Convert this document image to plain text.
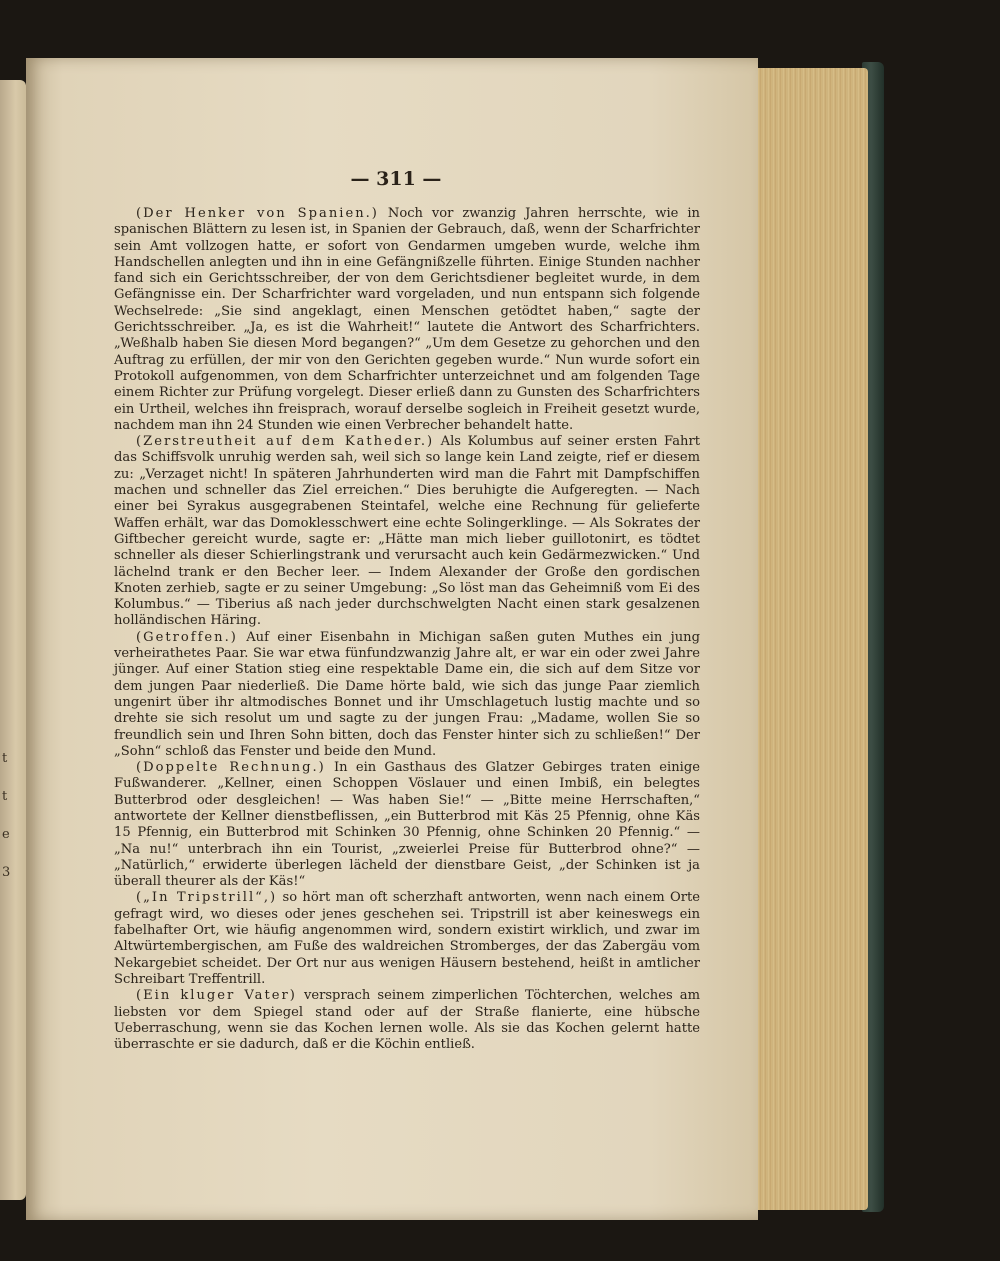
t
t
e
3
— 311 —

(Der Henker von Spanien.) Noch vor zwanzig Jahren herrschte, wie in spanischen Blättern zu lesen ist, in Spanien der Gebrauch, daß, wenn der Scharfrichter sein Amt vollzogen hatte, er sofort von Gendarmen umgeben wurde, welche ihm Handschellen anlegten und ihn in eine Gefängnißzelle führten. Einige Stunden nachher fand sich ein Gerichtsschreiber, der von dem Gerichtsdiener begleitet wurde, in dem Gefängnisse ein. Der Scharfrichter ward vorgeladen, und nun entspann sich folgende Wechselrede: „Sie sind angeklagt, einen Menschen getödtet haben,“ sagte der Gerichtsschreiber. „Ja, es ist die Wahrheit!“ lautete die Antwort des Scharfrichters. „Weßhalb haben Sie diesen Mord begangen?“ „Um dem Gesetze zu gehorchen und den Auftrag zu erfüllen, der mir von den Gerichten gegeben wurde.“ Nun wurde sofort ein Protokoll aufgenommen, von dem Scharfrichter unterzeichnet und am folgenden Tage einem Richter zur Prüfung vorgelegt. Dieser erließ dann zu Gunsten des Scharfrichters ein Urtheil, welches ihn freisprach, worauf derselbe sogleich in Freiheit gesetzt wurde, nachdem man ihn 24 Stunden wie einen Verbrecher behandelt hatte.

(Zerstreutheit auf dem Katheder.) Als Kolumbus auf seiner ersten Fahrt das Schiffsvolk unruhig werden sah, weil sich so lange kein Land zeigte, rief er diesem zu: „Verzaget nicht! In späteren Jahrhunderten wird man die Fahrt mit Dampfschiffen machen und schneller das Ziel erreichen.“ Dies beruhigte die Aufgeregten. — Nach einer bei Syrakus ausgegrabenen Steintafel, welche eine Rechnung für gelieferte Waffen erhält, war das Domoklesschwert eine echte Solingerklinge. — Als Sokrates der Giftbecher gereicht wurde, sagte er: „Hätte man mich lieber guillotonirt, es tödtet schneller als dieser Schierlingstrank und verursacht auch kein Gedärmezwicken.“ Und lächelnd trank er den Becher leer. — Indem Alexander der Große den gordischen Knoten zerhieb, sagte er zu seiner Umgebung: „So löst man das Geheimniß vom Ei des Kolumbus.“ — Tiberius aß nach jeder durchschwelgten Nacht einen stark gesalzenen holländischen Häring.

(Getroffen.) Auf einer Eisenbahn in Michigan saßen guten Muthes ein jung verheirathetes Paar. Sie war etwa fünfundzwanzig Jahre alt, er war ein oder zwei Jahre jünger. Auf einer Station stieg eine respektable Dame ein, die sich auf dem Sitze vor dem jungen Paar niederließ. Die Dame hörte bald, wie sich das junge Paar ziemlich ungenirt über ihr altmodisches Bonnet und ihr Umschlagetuch lustig machte und so drehte sie sich resolut um und sagte zu der jungen Frau: „Madame, wollen Sie so freundlich sein und Ihren Sohn bitten, doch das Fenster hinter sich zu schließen!“ Der „Sohn“ schloß das Fenster und beide den Mund.

(Doppelte Rechnung.) In ein Gasthaus des Glatzer Gebirges traten einige Fußwanderer. „Kellner, einen Schoppen Vöslauer und einen Imbiß, ein belegtes Butterbrod oder desgleichen! — Was haben Sie!“ — „Bitte meine Herrschaften,“ antwortete der Kellner dienstbeflissen, „ein Butterbrod mit Käs 25 Pfennig, ohne Käs 15 Pfennig, ein Butterbrod mit Schinken 30 Pfennig, ohne Schinken 20 Pfennig.“ — „Na nu!“ unterbrach ihn ein Tourist, „zweierlei Preise für Butterbrod ohne?“ — „Natürlich,“ erwiderte überlegen lächeld der dienstbare Geist, „der Schinken ist ja überall theurer als der Käs!“

(„In Tripstrill“,) so hört man oft scherzhaft antworten, wenn nach einem Orte gefragt wird, wo dieses oder jenes geschehen sei. Tripstrill ist aber keineswegs ein fabelhafter Ort, wie häufig angenommen wird, sondern existirt wirklich, und zwar im Altwürtembergischen, am Fuße des waldreichen Stromberges, der das Zabergäu vom Nekargebiet scheidet. Der Ort nur aus wenigen Häusern bestehend, heißt in amtlicher Schreibart Treffentrill.

(Ein kluger Vater) versprach seinem zimperlichen Töchterchen, welches am liebsten vor dem Spiegel stand oder auf der Straße flanierte, eine hübsche Ueberraschung, wenn sie das Kochen lernen wolle. Als sie das Kochen gelernt hatte überraschte er sie dadurch, daß er die Köchin entließ.
